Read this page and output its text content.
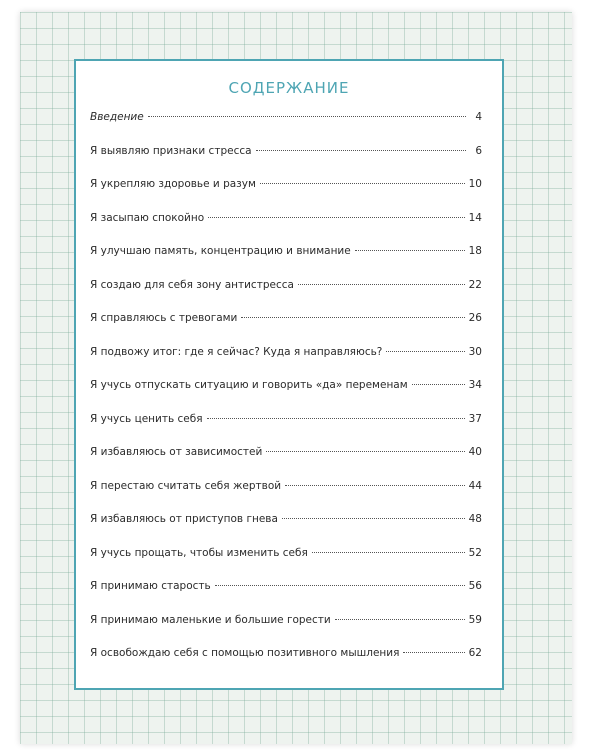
СОДЕРЖАНИЕ
Введение	4
Я выявляю признаки стресса	6
Я укрепляю здоровье и разум	10
Я засыпаю спокойно	14
Я улучшаю память, концентрацию и внимание	18
Я создаю для себя зону антистресса	22
Я справляюсь с тревогами	26
Я подвожу итог: где я сейчас? Куда я направляюсь?	30
Я учусь отпускать ситуацию и говорить «да» переменам	34
Я учусь ценить себя	37
Я избавляюсь от зависимостей	40
Я перестаю считать себя жертвой	44
Я избавляюсь от приступов гнева	48
Я учусь прощать, чтобы изменить себя	52
Я принимаю старость	56
Я принимаю маленькие и большие горести	59
Я освобождаю себя с помощью позитивного мышления	62
